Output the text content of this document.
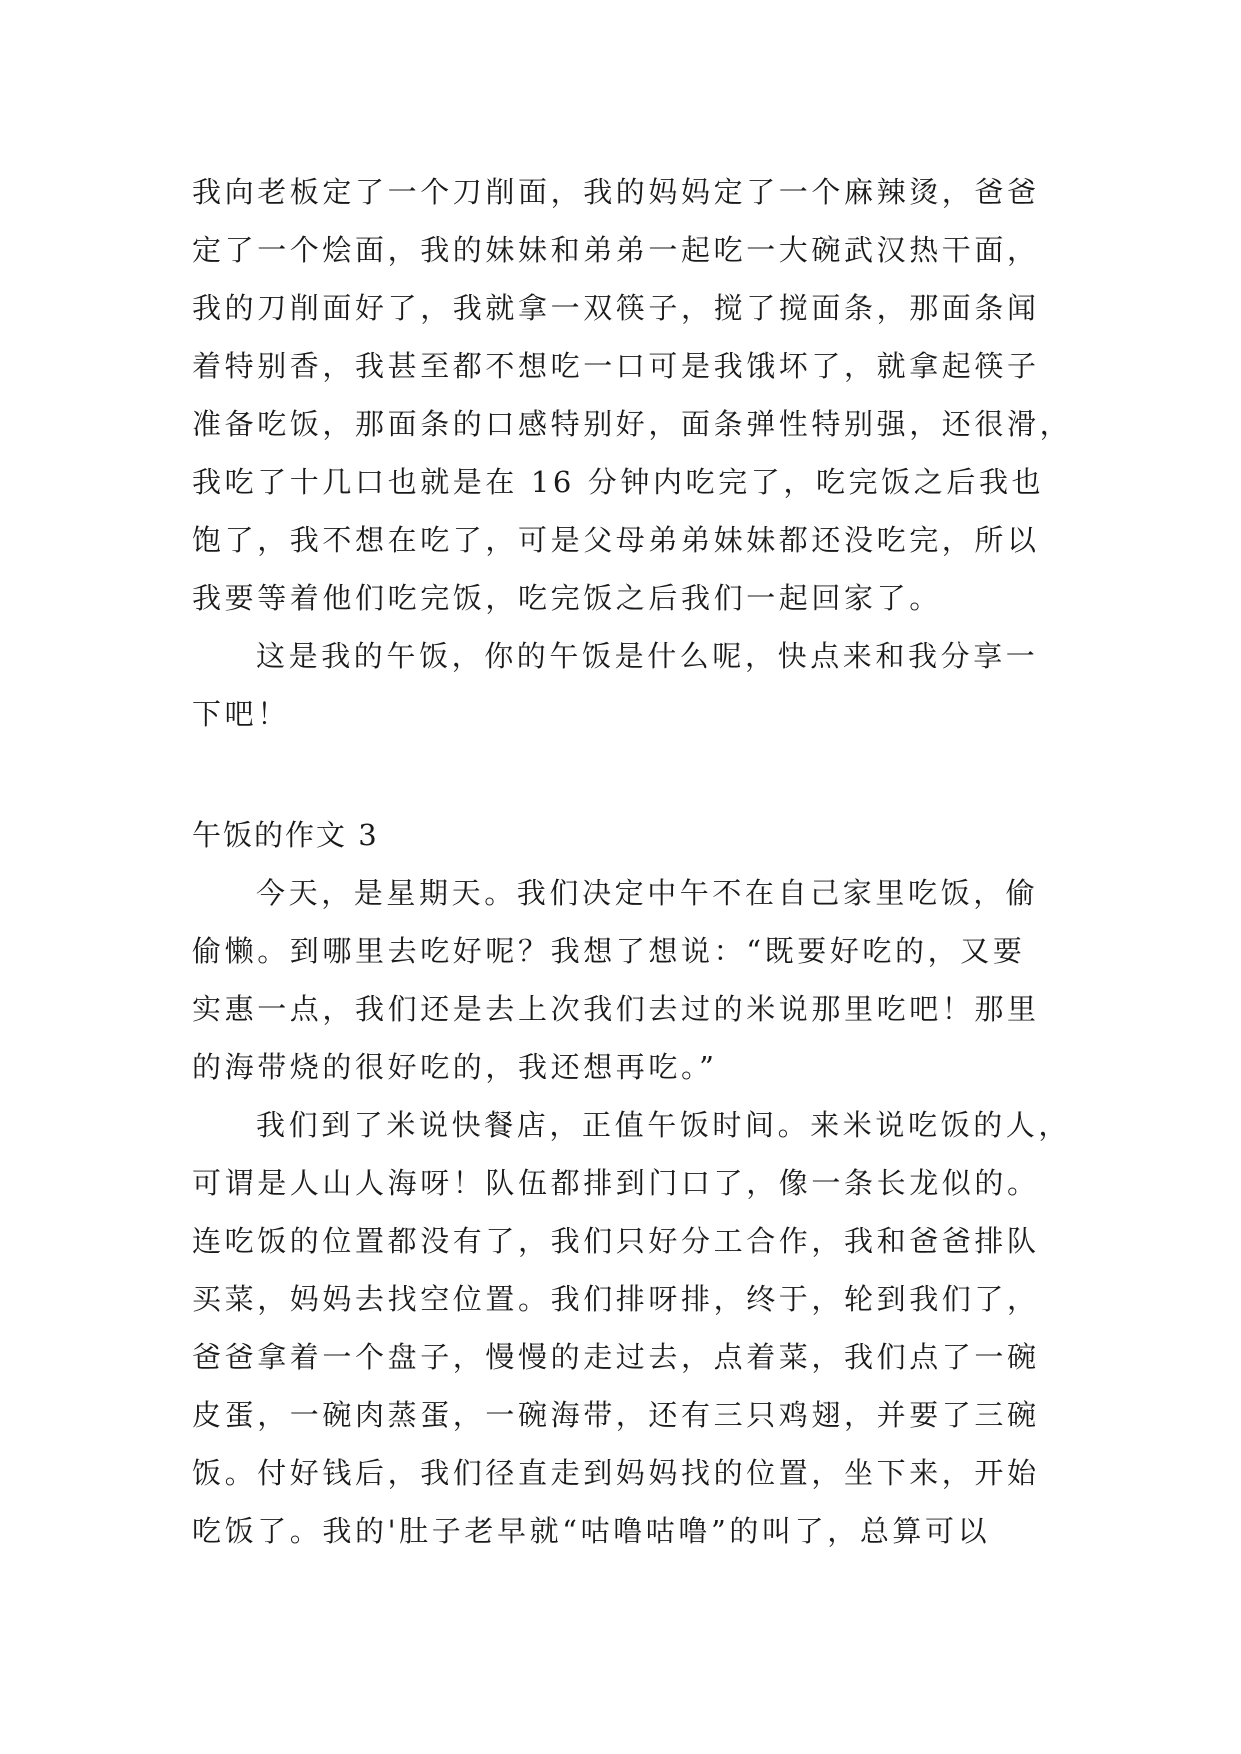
我向老板定了一个刀削面，我的妈妈定了一个麻辣烫，爸爸
定了一个烩面，我的妹妹和弟弟一起吃一大碗武汉热干面，
我的刀削面好了，我就拿一双筷子，搅了搅面条，那面条闻
着特别香，我甚至都不想吃一口可是我饿坏了，就拿起筷子
准备吃饭，那面条的口感特别好，面条弹性特别强，还很滑，
我吃了十几口也就是在 16 分钟内吃完了，吃完饭之后我也
饱了，我不想在吃了，可是父母弟弟妹妹都还没吃完，所以
我要等着他们吃完饭，吃完饭之后我们一起回家了。
这是我的午饭，你的午饭是什么呢，快点来和我分享一
下吧！
午饭的作文 3
今天，是星期天。我们决定中午不在自己家里吃饭，偷
偷懒。到哪里去吃好呢？我想了想说：“既要好吃的，又要
实惠一点，我们还是去上次我们去过的米说那里吃吧！那里
的海带烧的很好吃的，我还想再吃。”
我们到了米说快餐店，正值午饭时间。来米说吃饭的人，
可谓是人山人海呀！队伍都排到门口了，像一条长龙似的。
连吃饭的位置都没有了，我们只好分工合作，我和爸爸排队
买菜，妈妈去找空位置。我们排呀排，终于，轮到我们了，
爸爸拿着一个盘子，慢慢的走过去，点着菜，我们点了一碗
皮蛋，一碗肉蒸蛋，一碗海带，还有三只鸡翅，并要了三碗
饭。付好钱后，我们径直走到妈妈找的位置，坐下来，开始
吃饭了。我的'肚子老早就“咕噜咕噜”的叫了，总算可以
